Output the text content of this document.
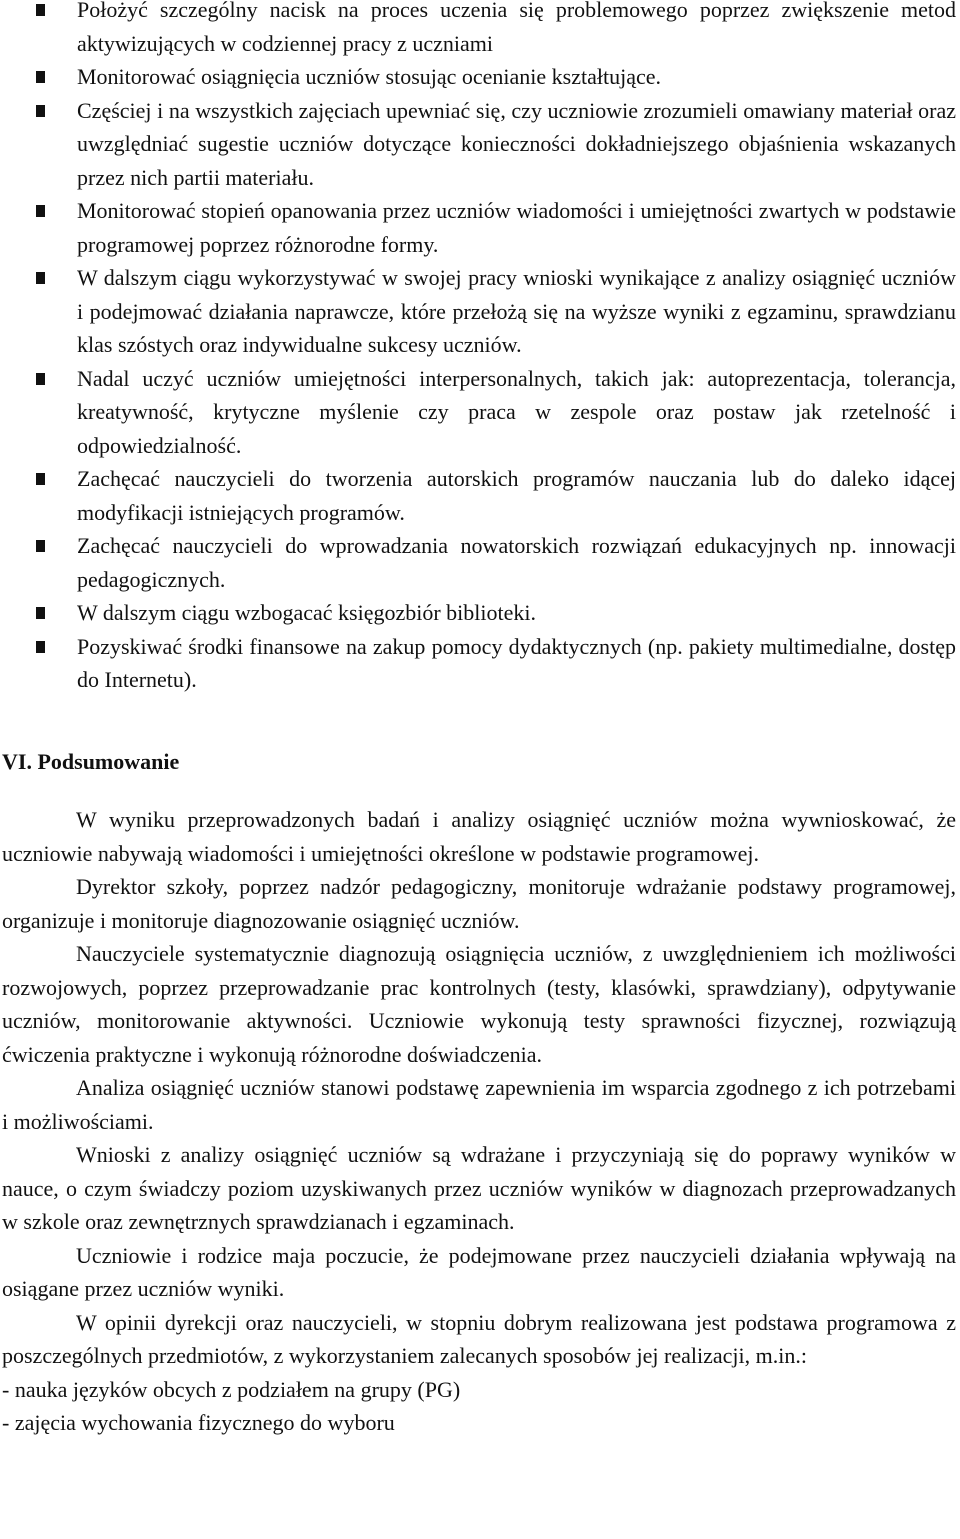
Położyć szczególny nacisk na proces uczenia się problemowego poprzez zwiększenie metod aktywizujących w codziennej pracy z uczniami
Monitorować osiągnięcia uczniów stosując ocenianie kształtujące.
Częściej i na wszystkich zajęciach upewniać się, czy uczniowie zrozumieli omawiany materiał oraz uwzględniać sugestie uczniów dotyczące konieczności dokładniejszego objaśnienia wskazanych przez nich partii materiału.
Monitorować stopień opanowania przez uczniów wiadomości i umiejętności zwartych w podstawie programowej poprzez różnorodne formy.
W dalszym ciągu wykorzystywać w swojej pracy wnioski wynikające z analizy osiągnięć uczniów i podejmować działania naprawcze, które przełożą się na wyższe wyniki z egzaminu, sprawdzianu klas szóstych oraz indywidualne sukcesy uczniów.
Nadal uczyć uczniów umiejętności interpersonalnych, takich jak: autoprezentacja, tolerancja, kreatywność, krytyczne myślenie czy praca w zespole oraz postaw jak rzetelność i odpowiedzialność.
Zachęcać nauczycieli do tworzenia autorskich programów nauczania lub do daleko idącej modyfikacji istniejących programów.
Zachęcać nauczycieli do wprowadzania nowatorskich rozwiązań edukacyjnych np. innowacji pedagogicznych.
W dalszym ciągu wzbogacać księgozbiór biblioteki.
Pozyskiwać środki finansowe na zakup pomocy dydaktycznych (np. pakiety multimedialne, dostęp do Internetu).
VI. Podsumowanie

W wyniku przeprowadzonych badań i analizy osiągnięć uczniów można wywnioskować, że uczniowie nabywają wiadomości i umiejętności określone w podstawie programowej.

Dyrektor szkoły, poprzez nadzór pedagogiczny, monitoruje wdrażanie podstawy programowej, organizuje i monitoruje diagnozowanie osiągnięć uczniów.

Nauczyciele systematycznie diagnozują osiągnięcia uczniów, z uwzględnieniem ich możliwości rozwojowych, poprzez przeprowadzanie prac kontrolnych (testy, klasówki, sprawdziany), odpytywanie uczniów, monitorowanie aktywności. Uczniowie wykonują testy sprawności fizycznej, rozwiązują ćwiczenia praktyczne i wykonują różnorodne doświadczenia.

Analiza osiągnięć uczniów stanowi podstawę zapewnienia im wsparcia zgodnego z ich potrzebami i możliwościami.

Wnioski z analizy osiągnięć uczniów są wdrażane i przyczyniają się do poprawy wyników w nauce, o czym świadczy poziom uzyskiwanych przez uczniów wyników w diagnozach przeprowadzanych w szkole oraz zewnętrznych sprawdzianach i egzaminach.

Uczniowie i rodzice maja poczucie, że podejmowane przez nauczycieli działania wpływają na osiągane przez uczniów wyniki.

W opinii dyrekcji oraz nauczycieli, w stopniu dobrym realizowana jest podstawa programowa z poszczególnych przedmiotów, z wykorzystaniem zalecanych sposobów jej realizacji, m.in.:

- nauka języków obcych z podziałem na grupy (PG)

- zajęcia wychowania fizycznego do wyboru
